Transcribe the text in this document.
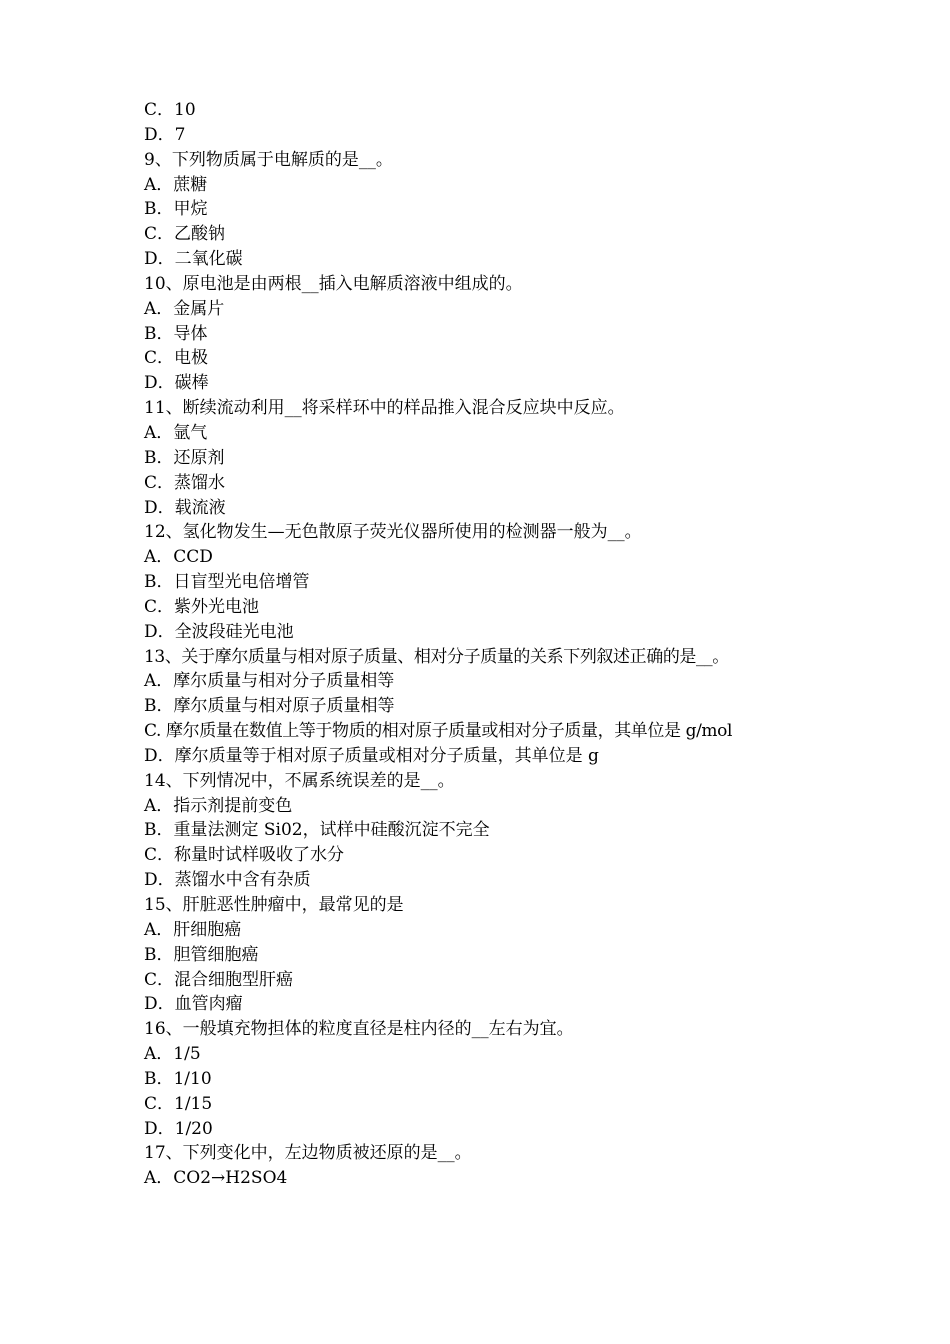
C．10
D．7
9、下列物质属于电解质的是__。
A．蔗糖
B．甲烷
C．乙酸钠
D．二氧化碳
10、原电池是由两根__插入电解质溶液中组成的。
A．金属片
B．导体
C．电极
D．碳棒
11、断续流动利用__将采样环中的样品推入混合反应块中反应。
A．氩气
B．还原剂
C．蒸馏水
D．载流液
12、氢化物发生—无色散原子荧光仪器所使用的检测器一般为__。
A．CCD
B．日盲型光电倍增管
C．紫外光电池
D．全波段硅光电池
13、关于摩尔质量与相对原子质量、相对分子质量的关系下列叙述正确的是__。
A．摩尔质量与相对分子质量相等
B．摩尔质量与相对原子质量相等
C. 摩尔质量在数值上等于物质的相对原子质量或相对分子质量，其单位是 g/mol
D．摩尔质量等于相对原子质量或相对分子质量，其单位是 g
14、下列情况中，不属系统误差的是__。
A．指示剂提前变色
B．重量法测定 Si02，试样中硅酸沉淀不完全
C．称量时试样吸收了水分
D．蒸馏水中含有杂质
15、肝脏恶性肿瘤中，最常见的是
A．肝细胞癌
B．胆管细胞癌
C．混合细胞型肝癌
D．血管肉瘤
16、一般填充物担体的粒度直径是柱内径的__左右为宜。
A．1/5
B．1/10
C．1/15
D．1/20
17、下列变化中，左边物质被还原的是__。
A．CO2→H2SO4
